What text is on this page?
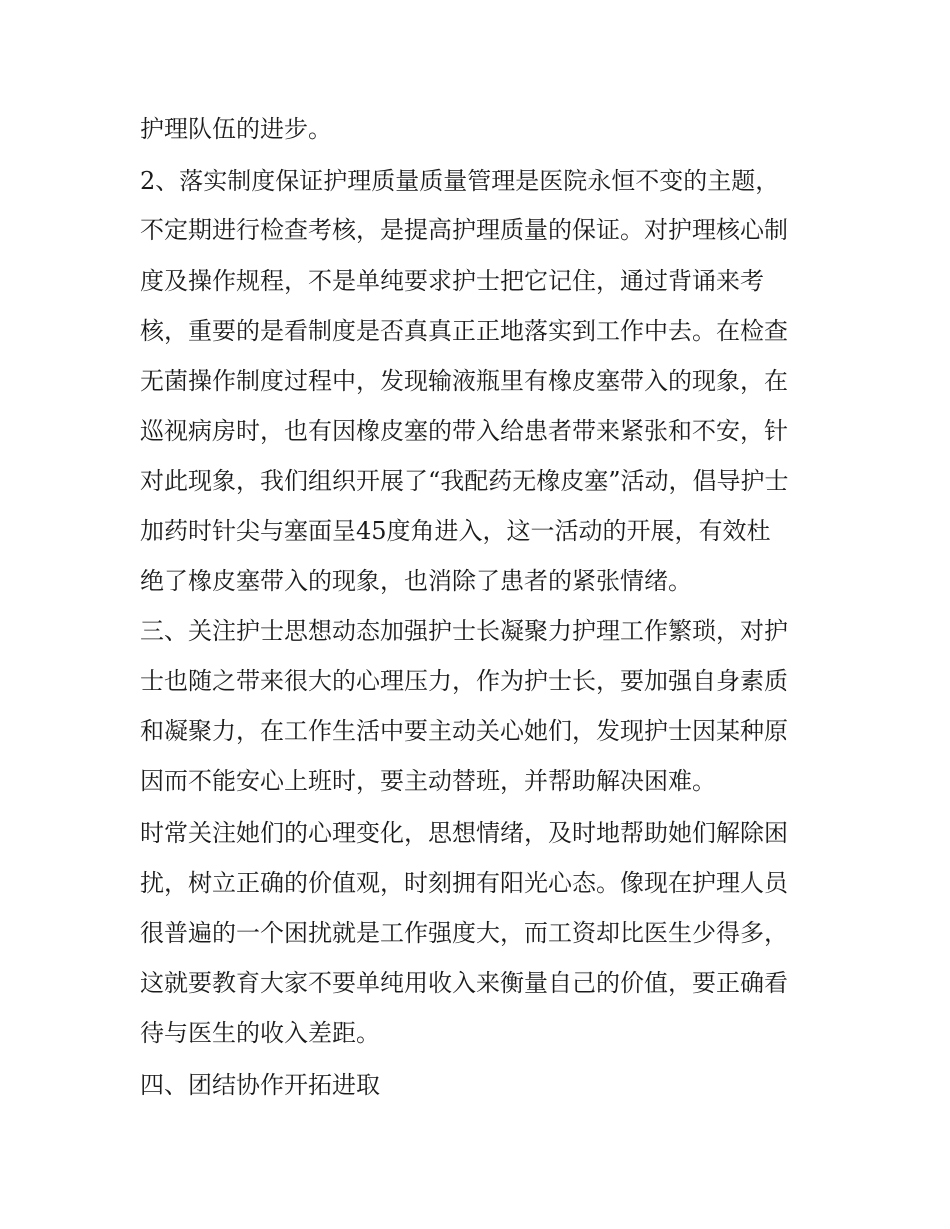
护理队伍的进步。
2、落实制度保证护理质量质量管理是医院永恒不变的主题，
不定期进行检查考核，是提高护理质量的保证。对护理核心制
度及操作规程，不是单纯要求护士把它记住，通过背诵来考
核，重要的是看制度是否真真正正地落实到工作中去。在检查
无菌操作制度过程中，发现输液瓶里有橡皮塞带入的现象，在
巡视病房时，也有因橡皮塞的带入给患者带来紧张和不安，针
对此现象，我们组织开展了“我配药无橡皮塞”活动，倡导护士
加药时针尖与塞面呈45度角进入，这一活动的开展，有效杜
绝了橡皮塞带入的现象，也消除了患者的紧张情绪。
三、关注护士思想动态加强护士长凝聚力护理工作繁琐，对护
士也随之带来很大的心理压力，作为护士长，要加强自身素质
和凝聚力，在工作生活中要主动关心她们，发现护士因某种原
因而不能安心上班时，要主动替班，并帮助解决困难。
时常关注她们的心理变化，思想情绪，及时地帮助她们解除困
扰，树立正确的价值观，时刻拥有阳光心态。像现在护理人员
很普遍的一个困扰就是工作强度大，而工资却比医生少得多，
这就要教育大家不要单纯用收入来衡量自己的价值，要正确看
待与医生的收入差距。
四、团结协作开拓进取
